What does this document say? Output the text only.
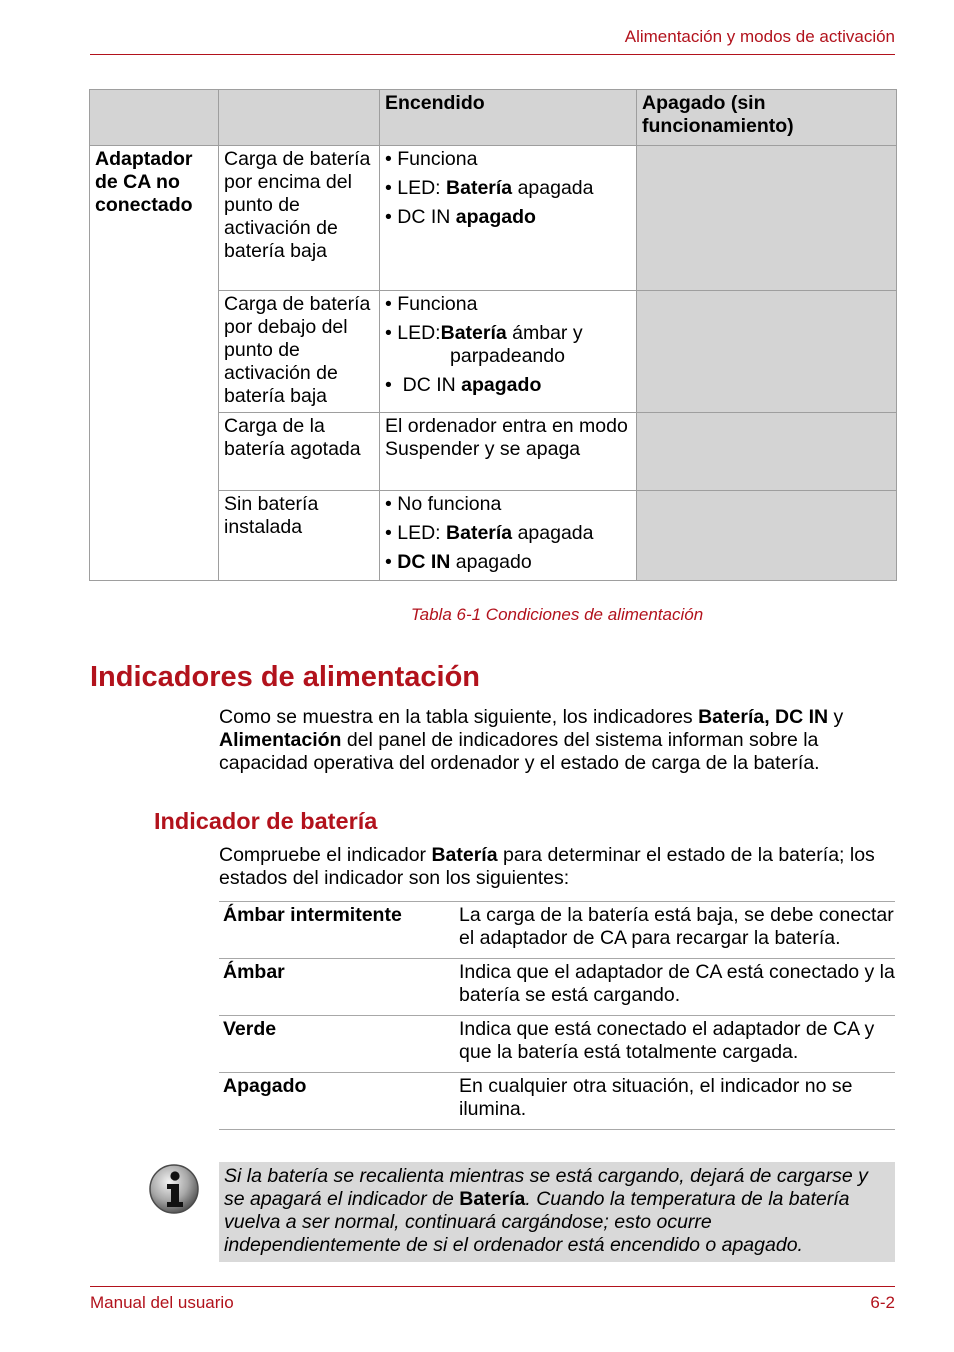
Alimentación y modos de activación
		Encendido	Apagado (sin funcionamiento)
Adaptador de CA no conectado	Carga de batería por encima del punto de activación de batería baja	• Funciona
• LED: Batería apagada
• DC IN apagado	

	Carga de batería por debajo del punto de activación de batería baja	• Funciona
• LED:Batería ámbar y
parpadeando
•  DC IN apagado	

	Carga de la batería agotada	El ordenador entra en modo Suspender y se apaga	
	Sin batería instalada	• No funciona
• LED: Batería apagada
• DC IN apagado	

Tabla 6-1 Condiciones de alimentación
Indicadores de alimentación

Como se muestra en la tabla siguiente, los indicadores Batería, DC IN y Alimentación del panel de indicadores del sistema informan sobre la capacidad operativa del ordenador y el estado de carga de la batería.

Indicador de batería

Compruebe el indicador Batería para determinar el estado de la batería; los estados del indicador son los siguientes:

Ámbar intermitente	La carga de la batería está baja, se debe conectar el adaptador de CA para recargar la batería.
Ámbar	Indica que el adaptador de CA está conectado y la batería se está cargando.
Verde	Indica que está conectado el adaptador de CA y que la batería está totalmente cargada.
Apagado	En cualquier otra situación, el indicador no se ilumina.
Si la batería se recalienta mientras se está cargando, dejará de cargarse y se apagará el indicador de Batería. Cuando la temperatura de la batería vuelva a ser normal, continuará cargándose; esto ocurre independientemente de si el ordenador está encendido o apagado.
Manual del usuario	6-2
